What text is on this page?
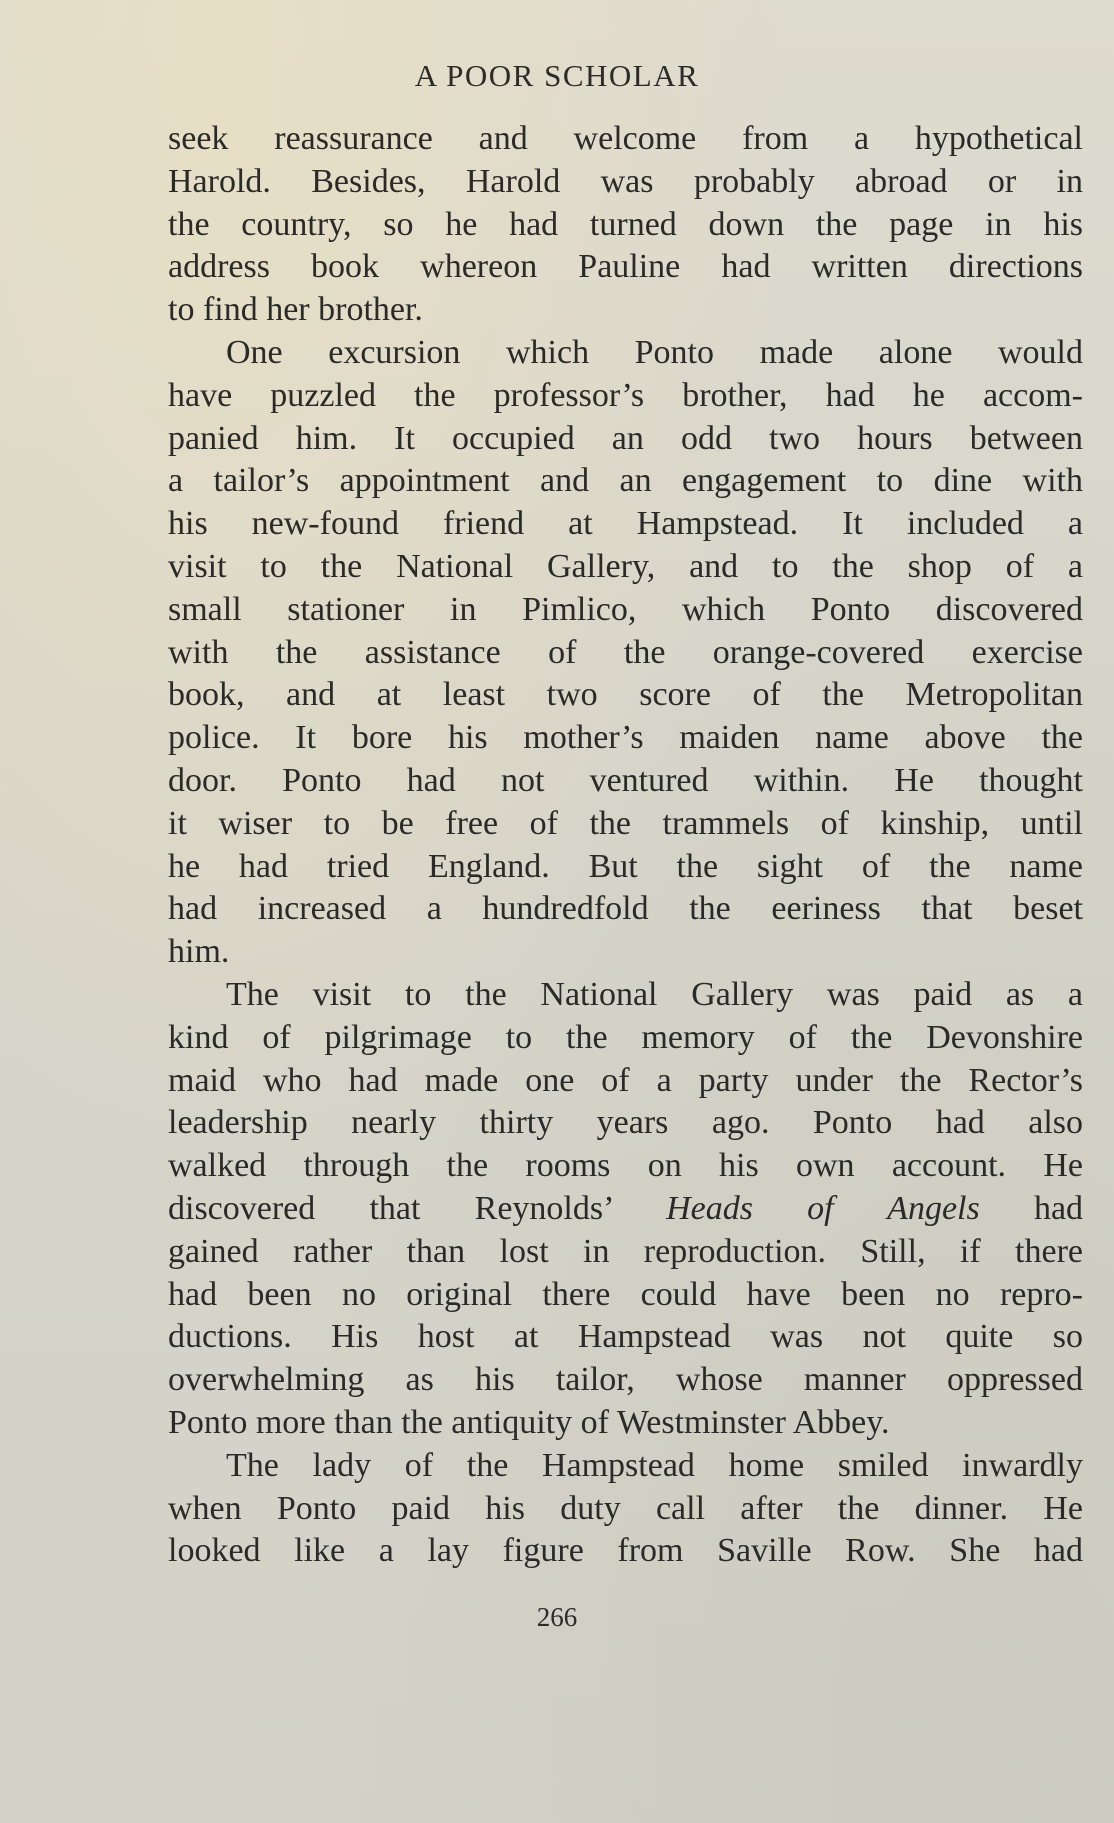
A POOR SCHOLAR
seek reassurance and welcome from a hypothetical
Harold. Besides, Harold was probably abroad or in
the country, so he had turned down the page in his
address book whereon Pauline had written directions
to find her brother.
One excursion which Ponto made alone would
have puzzled the professor’s brother, had he accom-
panied him. It occupied an odd two hours between
a tailor’s appointment and an engagement to dine with
his new-found friend at Hampstead. It included a
visit to the National Gallery, and to the shop of a
small stationer in Pimlico, which Ponto discovered
with the assistance of the orange-covered exercise
book, and at least two score of the Metropolitan
police. It bore his mother’s maiden name above the
door. Ponto had not ventured within. He thought
it wiser to be free of the trammels of kinship, until
he had tried England. But the sight of the name
had increased a hundredfold the eeriness that beset
him.
The visit to the National Gallery was paid as a
kind of pilgrimage to the memory of the Devonshire
maid who had made one of a party under the Rector’s
leadership nearly thirty years ago. Ponto had also
walked through the rooms on his own account. He
discovered that Reynolds’ Heads of Angels had
gained rather than lost in reproduction. Still, if there
had been no original there could have been no repro-
ductions. His host at Hampstead was not quite so
overwhelming as his tailor, whose manner oppressed
Ponto more than the antiquity of Westminster Abbey.
The lady of the Hampstead home smiled inwardly
when Ponto paid his duty call after the dinner. He
looked like a lay figure from Saville Row. She had
266
